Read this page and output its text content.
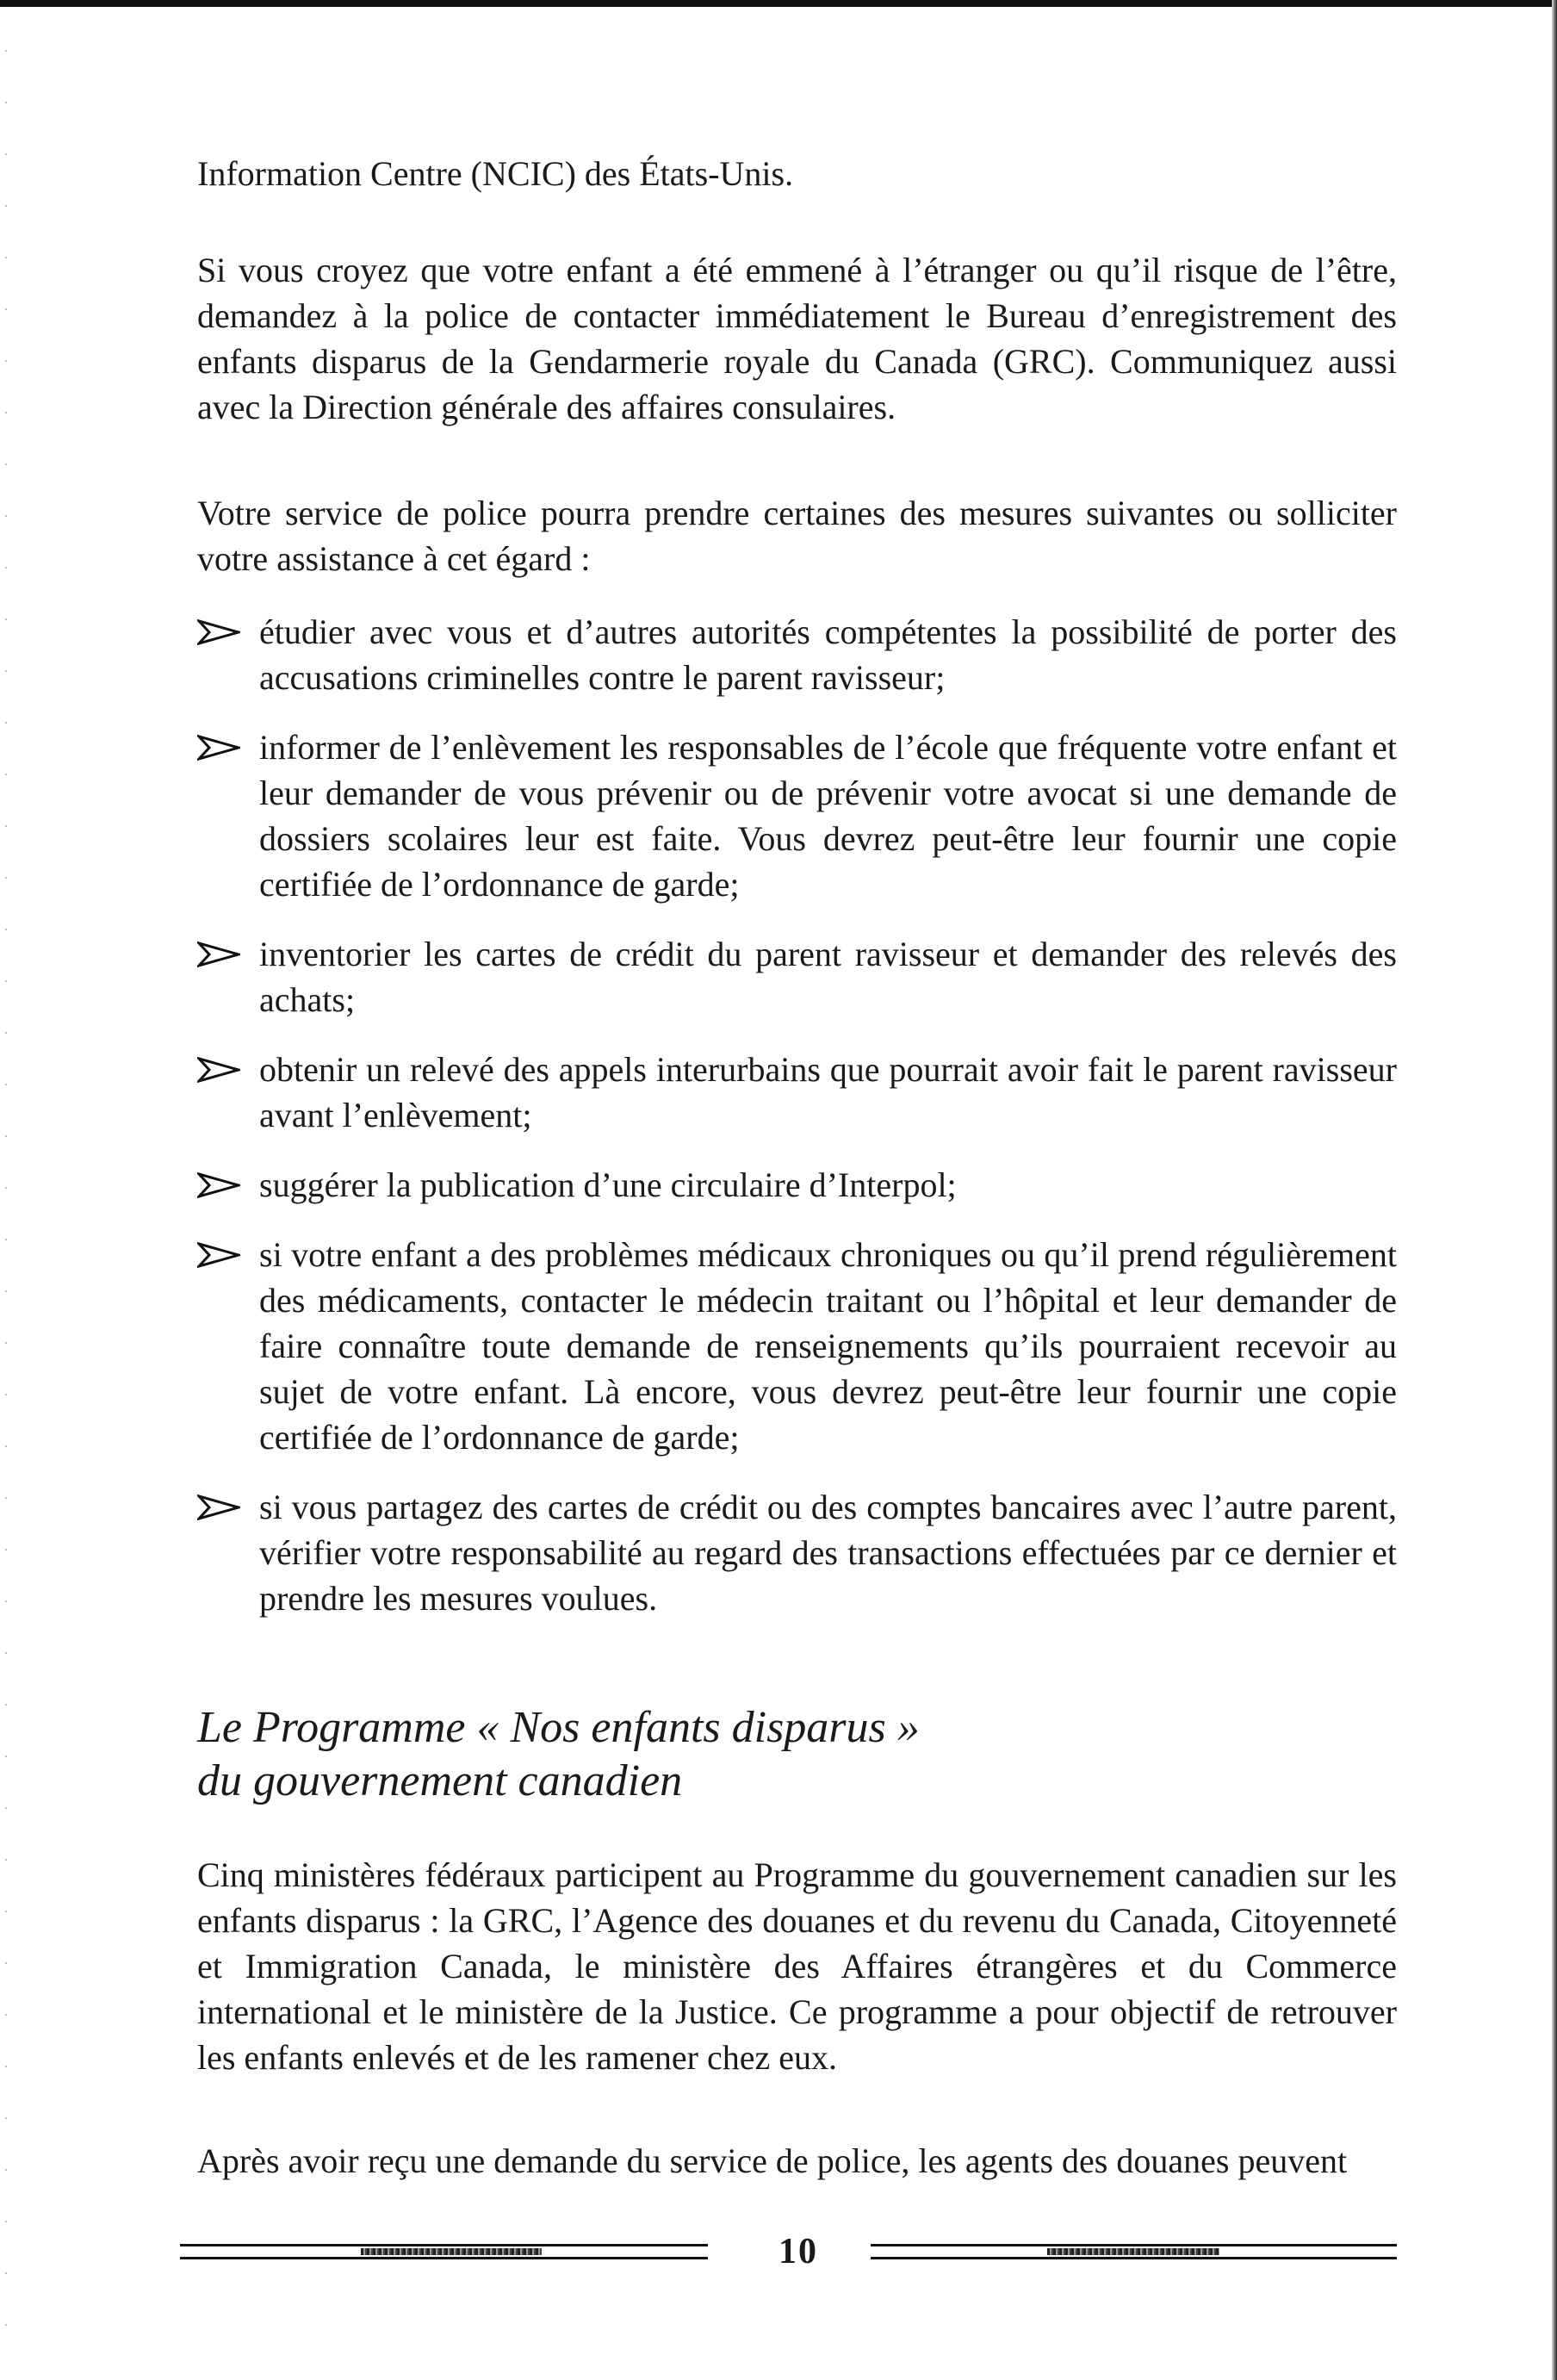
Information Centre (NCIC) des États-Unis.

Si vous croyez que votre enfant a été emmené à l’étranger ou qu’il risque de l’être, demandez à la police de contacter immédiatement le Bureau d’enregistrement des enfants disparus de la Gendarmerie royale du Canada (GRC). Communiquez aussi avec la Direction générale des affaires consulaires.

Votre service de police pourra prendre certaines des mesures suivantes ou solliciter votre assistance à cet égard :

étudier avec vous et d’autres autorités compétentes la possibilité de porter des accusations criminelles contre le parent ravisseur;
informer de l’enlèvement les responsables de l’école que fréquente votre enfant et leur demander de vous prévenir ou de prévenir votre avocat si une demande de dossiers scolaires leur est faite. Vous devrez peut-être leur fournir une copie certifiée de l’ordonnance de garde;
inventorier les cartes de crédit du parent ravisseur et demander des relevés des achats;
obtenir un relevé des appels interurbains que pourrait avoir fait le parent ravisseur avant l’enlèvement;
suggérer la publication d’une circulaire d’Interpol;
si votre enfant a des problèmes médicaux chroniques ou qu’il prend régulièrement des médicaments, contacter le médecin traitant ou l’hôpital et leur demander de faire connaître toute demande de renseignements qu’ils pourraient recevoir au sujet de votre enfant. Là encore, vous devrez peut-être leur fournir une copie certifiée de l’ordonnance de garde;
si vous partagez des cartes de crédit ou des comptes bancaires avec l’autre parent, vérifier votre responsabilité au regard des transactions effectuées par ce dernier et prendre les mesures voulues.
Le Programme « Nos enfants disparus »
du gouvernement canadien

Cinq ministères fédéraux participent au Programme du gouvernement canadien sur les enfants disparus : la GRC, l’Agence des douanes et du revenu du Canada, Citoyenneté et Immigration Canada, le ministère des Affaires étrangères et du Commerce international et le ministère de la Justice. Ce programme a pour objectif de retrouver les enfants enlevés et de les ramener chez eux.

Après avoir reçu une demande du service de police, les agents des douanes peuvent

10
